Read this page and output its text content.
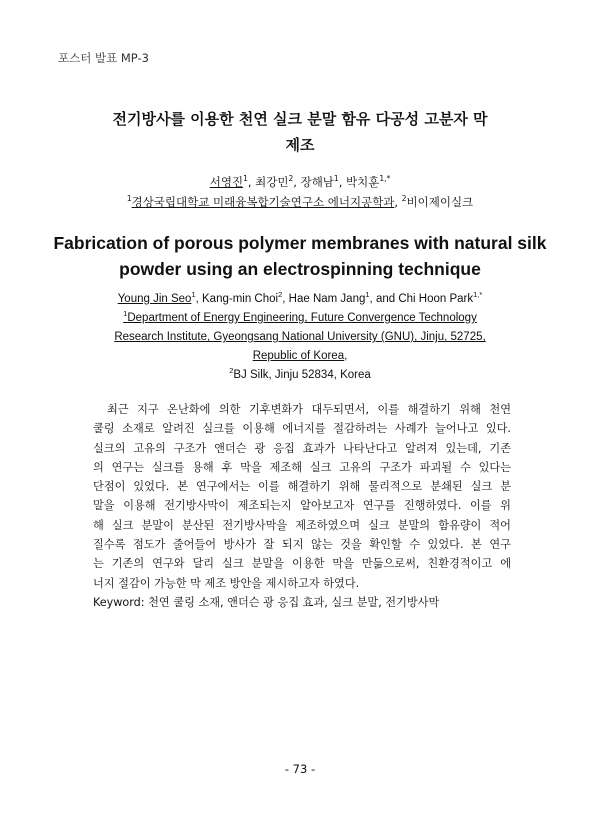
포스터 발표 MP-3
전기방사를 이용한 천연 실크 분말 함유 다공성 고분자 막
제조
서영진$^1$, 최강민$^2$, 장해남$^1$, 박치훈$^{1,*}$
$^1$경상국립대학교 미래융복합기술연구소 에너지공학과, $^2$비이제이실크
Fabrication of porous polymer membranes with natural silk
powder using an electrospinning technique
Young Jin Seo$^1$, Kang-min Choi$^2$, Hae Nam Jang$^1$, and Chi Hoon Park$^{1,*}$
$^1$Department of Energy Engineering, Future Convergence Technology
Research Institute, Gyeongsang National University (GNU), Jinju, 52725,
Republic of Korea,
$^2$BJ Silk, Jinju 52834, Korea

최근 지구 온난화에 의한 기후변화가 대두되면서, 이를 해결하기 위해 천연

쿨링 소재로 알려진 실크를 이용해 에너지를 절감하려는 사례가 늘어나고 있다.

실크의 고유의 구조가 앤더슨 광 응집 효과가 나타난다고 알려져 있는데, 기존

의 연구는 실크를 용해 후 막을 제조해 실크 고유의 구조가 파괴될 수 있다는

단점이 있었다. 본 연구에서는 이를 해결하기 위해 물리적으로 분쇄된 실크 분

말을 이용해 전기방사막이 제조되는지 알아보고자 연구를 진행하였다. 이를 위

해 실크 분말이 분산된 전기방사막을 제조하였으며 실크 분말의 함유량이 적어

질수록 점도가 줄어들어 방사가 잘 되지 않는 것을 확인할 수 있었다. 본 연구

는 기존의 연구와 달리 실크 분말을 이용한 막을 만듦으로써, 친환경적이고 에

너지 절감이 가능한 막 제조 방안을 제시하고자 하였다.

Keyword: 천연 쿨링 소재, 앤더슨 광 응집 효과, 실크 분말, 전기방사막
- 73 -
